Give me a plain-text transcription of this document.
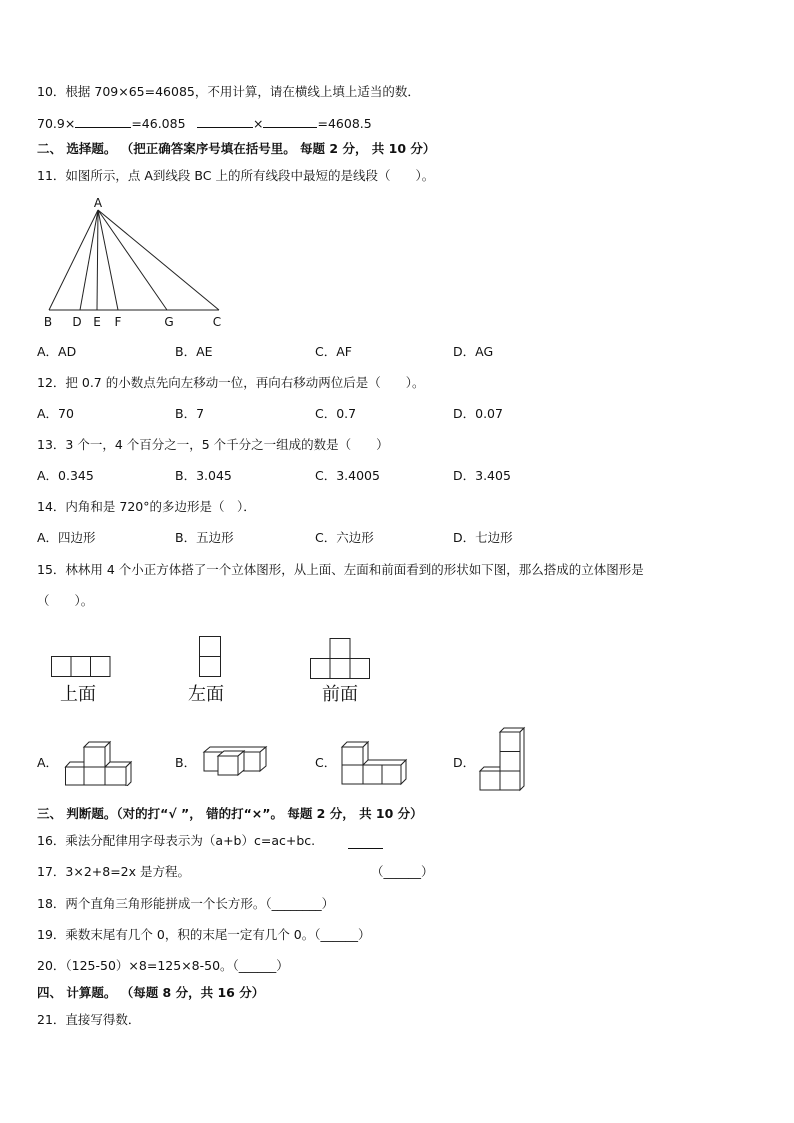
10．根据 709×65=46085，不用计算，请在横线上填上适当的数．
70.9×	=46.085	×	=4608.5
二、 选择题。 （把正确答案序号填在括号里。 每题 2 分， 共 10 分）
11．如图所示，点 A到线段 BC 上的所有线段中最短的是线段（　　）。
A
B D E F	G	C
A．AD	B．AE	C．AF	D．AG
12．把 0.7 的小数点先向左移动一位，再向右移动两位后是（　　）。
A．70	B．7	C．0.7	D．0.07
13．3 个一，4 个百分之一，5 个千分之一组成的数是（　　）
A．0.345	B．3.045	C．3.4005	D．3.405
14．内角和是 720°的多边形是（　）．
A．四边形	B．五边形	C．六边形	D．七边形
15．林林用 4 个小正方体搭了一个立体图形，从上面、左面和前面看到的形状如下图，那么搭成的立体图形是
（　　）。
上面	左面	前面
A．	B．	C．	D．
三、 判断题。（对的打“√ ”， 错的打“×”。 每题 2 分， 共 10 分）
16．乘法分配律用字母表示为（a+b）c=ac+bc.
17．3×2+8=2x 是方程。	（______）
18．两个直角三角形能拼成一个长方形。（________）
19．乘数末尾有几个 0，积的末尾一定有几个 0。（______）
20．（125-50）×8=125×8-50。（______）
四、 计算题。 （每题 8 分，共 16 分）
21．直接写得数．
